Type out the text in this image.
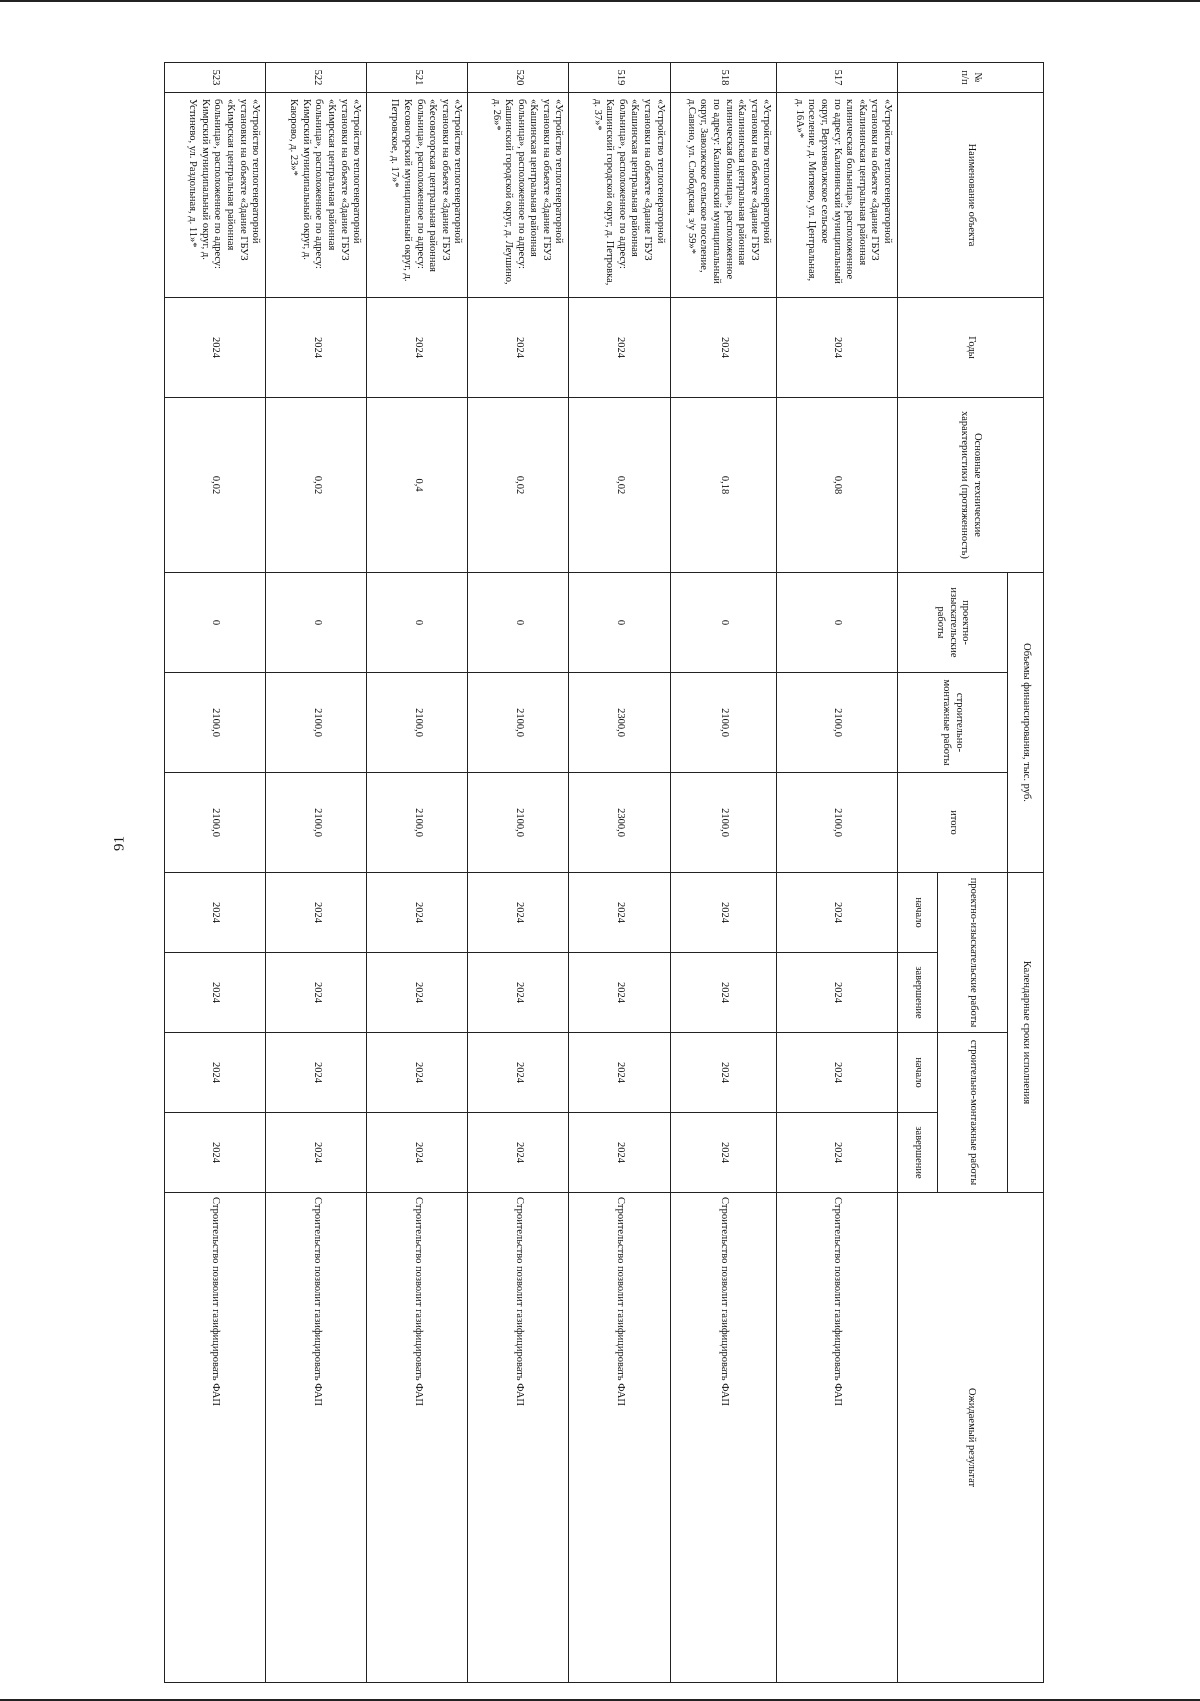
91
№ п/п	Наименование объекта	Годы	Основные технические характеристики (протяженность)	Объемы финансирования, тыс. руб.			Календарные сроки исполнения				Ожидаемый результат
				проектно-изыскательские работы	строительно-монтажные работы	итого	проектно-изыскательские работы		строительно-монтажные работы		
							начало	завершение	начало	завершение	
517	«Устройство теплогенераторной установки на объекте «Здание ГБУЗ «Калининская центральная районная клиническая больница», расположенное по адресу: Калининский муниципальный округ, Верхневолжское сельское поселение, д. Митяево, ул. Центральная, д. 16А»*	2024	0,08	0	2100,0	2100,0	2024	2024	2024	2024	Строительство позволит газифицировать ФАП
518	«Устройство теплогенераторной установки на объекте «Здание ГБУЗ «Калининская центральная районная клиническая больница», расположенное по адресу: Калининский муниципальный округ, Заволжское сельское поселение, д.Савино, ул. Слободская, з/у 59»*	2024	0,18	0	2100,0	2100,0	2024	2024	2024	2024	Строительство позволит газифицировать ФАП
519	«Устройство теплогенераторной установки на объекте «Здание ГБУЗ «Кашинская центральная районная больница», расположенное по адресу: Кашинский городской округ, д. Петровка, д. 37»*	2024	0,02	0	2300,0	2300,0	2024	2024	2024	2024	Строительство позволит газифицировать ФАП
520	«Устройство теплогенераторной установки на объекте «Здание ГБУЗ «Кашинская центральная районная больница», расположенное по адресу: Кашинский городской округ, д. Леушино, д. 26»*	2024	0,02	0	2100,0	2100,0	2024	2024	2024	2024	Строительство позволит газифицировать ФАП
521	«Устройство теплогенераторной установки на объекте «Здание ГБУЗ «Кесовогорская центральная районная больница», расположенное по адресу: Кесовогорский муниципальный округ, д. Петровское, д. 17»*	2024	0,4	0	2100,0	2100,0	2024	2024	2024	2024	Строительство позволит газифицировать ФАП
522	«Устройство теплогенераторной установки на объекте «Здание ГБУЗ «Кимрская центральная районная больница», расположенное по адресу: Кимрский муниципальный округ, д. Каюрово, д. 23»*	2024	0,02	0	2100,0	2100,0	2024	2024	2024	2024	Строительство позволит газифицировать ФАП
523	«Устройство теплогенераторной установки на объекте «Здание ГБУЗ «Кимрская центральная районная больница», расположенное по адресу: Кимрский муниципальный округ, д. Устинево, ул. Раздольная, д. 11»*	2024	0,02	0	2100,0	2100,0	2024	2024	2024	2024	Строительство позволит газифицировать ФАП
